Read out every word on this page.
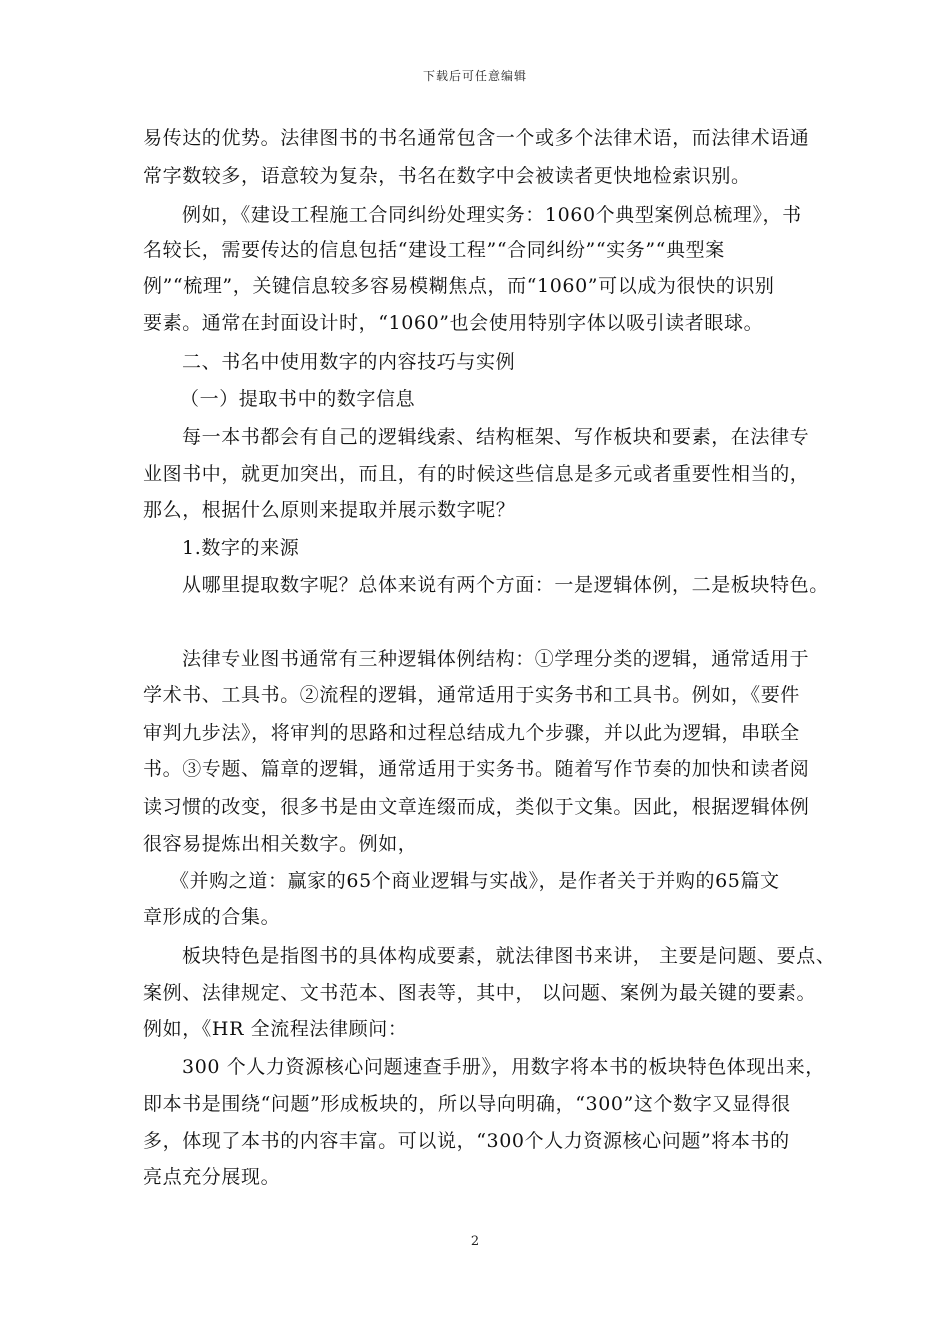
下载后可任意编辑
易传达的优势。法律图书的书名通常包含一个或多个法律术语，而法律术语通
常字数较多，语意较为复杂，书名在数字中会被读者更快地检索识别。
例如，《建设工程施工合同纠纷处理实务：1060个典型案例总梳理》，书
名较长，需要传达的信息包括“建设工程”“合同纠纷”“实务”“典型案
例”“梳理”，关键信息较多容易模糊焦点，而“1060”可以成为很快的识别
要素。通常在封面设计时，“1060”也会使用特别字体以吸引读者眼球。
二、书名中使用数字的内容技巧与实例
（一）提取书中的数字信息
每一本书都会有自己的逻辑线索、结构框架、写作板块和要素，在法律专
业图书中，就更加突出，而且，有的时候这些信息是多元或者重要性相当的，
那么，根据什么原则来提取并展示数字呢？
1.数字的来源
从哪里提取数字呢？总体来说有两个方面：一是逻辑体例，二是板块特色。
法律专业图书通常有三种逻辑体例结构：①学理分类的逻辑，通常适用于
学术书、工具书。②流程的逻辑，通常适用于实务书和工具书。例如，《要件
审判九步法》，将审判的思路和过程总结成九个步骤，并以此为逻辑，串联全
书。③专题、篇章的逻辑，通常适用于实务书。随着写作节奏的加快和读者阅
读习惯的改变，很多书是由文章连缀而成，类似于文集。因此，根据逻辑体例
很容易提炼出相关数字。例如，
《并购之道：赢家的65个商业逻辑与实战》，是作者关于并购的65篇文
章形成的合集。
板块特色是指图书的具体构成要素，就法律图书来讲， 主要是问题、要点、
案例、法律规定、文书范本、图表等，其中， 以问题、案例为最关键的要素。
例如，《HR 全流程法律顾问：
300 个人力资源核心问题速查手册》，用数字将本书的板块特色体现出来，
即本书是围绕“问题”形成板块的，所以导向明确，“300”这个数字又显得很
多，体现了本书的内容丰富。可以说，“300个人力资源核心问题”将本书的
亮点充分展现。
2
